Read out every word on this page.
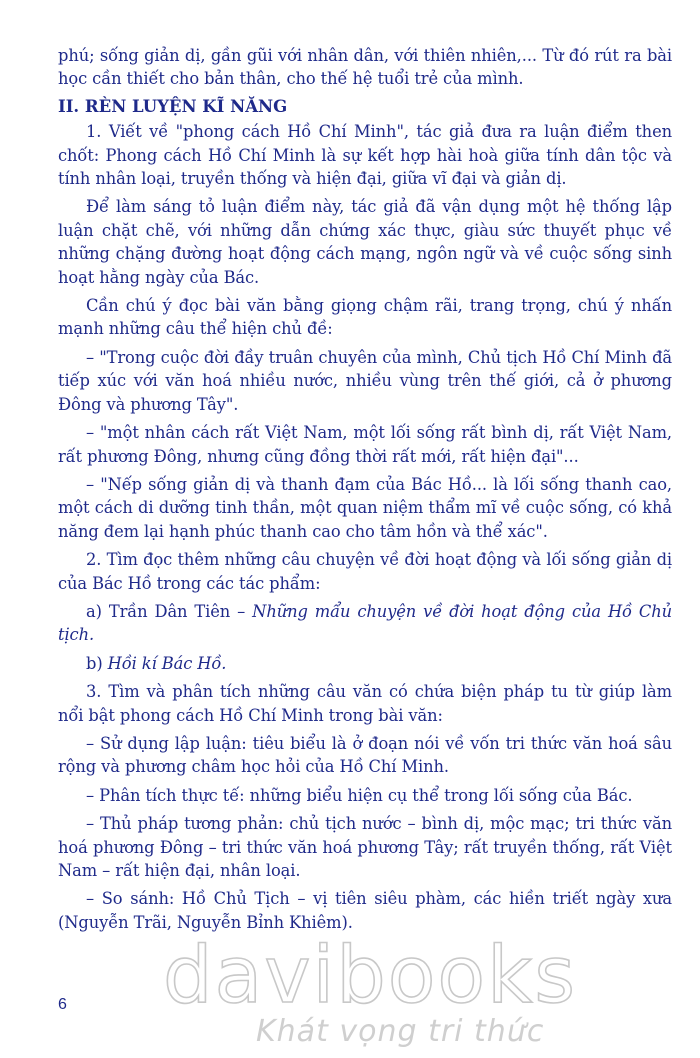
phú; sống giản dị, gần gũi với nhân dân, với thiên nhiên,... Từ đó rút ra bài học cần thiết cho bản thân, cho thế hệ tuổi trẻ của mình.

II. RÈN LUYỆN KĨ NĂNG

1. Viết về "phong cách Hồ Chí Minh", tác giả đưa ra luận điểm then chốt: Phong cách Hồ Chí Minh là sự kết hợp hài hoà giữa tính dân tộc và tính nhân loại, truyền thống và hiện đại, giữa vĩ đại và giản dị.

Để làm sáng tỏ luận điểm này, tác giả đã vận dụng một hệ thống lập luận chặt chẽ, với những dẫn chứng xác thực, giàu sức thuyết phục về những chặng đường hoạt động cách mạng, ngôn ngữ và về cuộc sống sinh hoạt hằng ngày của Bác.

Cần chú ý đọc bài văn bằng giọng chậm rãi, trang trọng, chú ý nhấn mạnh những câu thể hiện chủ đề:

– "Trong cuộc đời đầy truân chuyên của mình, Chủ tịch Hồ Chí Minh đã tiếp xúc với văn hoá nhiều nước, nhiều vùng trên thế giới, cả ở phương Đông và phương Tây".

– "một nhân cách rất Việt Nam, một lối sống rất bình dị, rất Việt Nam, rất phương Đông, nhưng cũng đồng thời rất mới, rất hiện đại"...

– "Nếp sống giản dị và thanh đạm của Bác Hồ... là lối sống thanh cao, một cách di dưỡng tinh thần, một quan niệm thẩm mĩ về cuộc sống, có khả năng đem lại hạnh phúc thanh cao cho tâm hồn và thể xác".

2. Tìm đọc thêm những câu chuyện về đời hoạt động và lối sống giản dị của Bác Hồ trong các tác phẩm:

a) Trần Dân Tiên – Những mẩu chuyện về đời hoạt động của Hồ Chủ tịch.

b) Hồi kí Bác Hồ.

3. Tìm và phân tích những câu văn có chứa biện pháp tu từ giúp làm nổi bật phong cách Hồ Chí Minh trong bài văn:

– Sử dụng lập luận: tiêu biểu là ở đoạn nói về vốn tri thức văn hoá sâu rộng và phương châm học hỏi của Hồ Chí Minh.

– Phân tích thực tế: những biểu hiện cụ thể trong lối sống của Bác.

– Thủ pháp tương phản: chủ tịch nước – bình dị, mộc mạc; tri thức văn hoá phương Đông – tri thức văn hoá phương Tây; rất truyền thống, rất Việt Nam – rất hiện đại, nhân loại.

– So sánh: Hồ Chủ Tịch – vị tiên siêu phàm, các hiền triết ngày xưa (Nguyễn Trãi, Nguyễn Bỉnh Khiêm).

davibooks
Khát vọng tri thức
6
